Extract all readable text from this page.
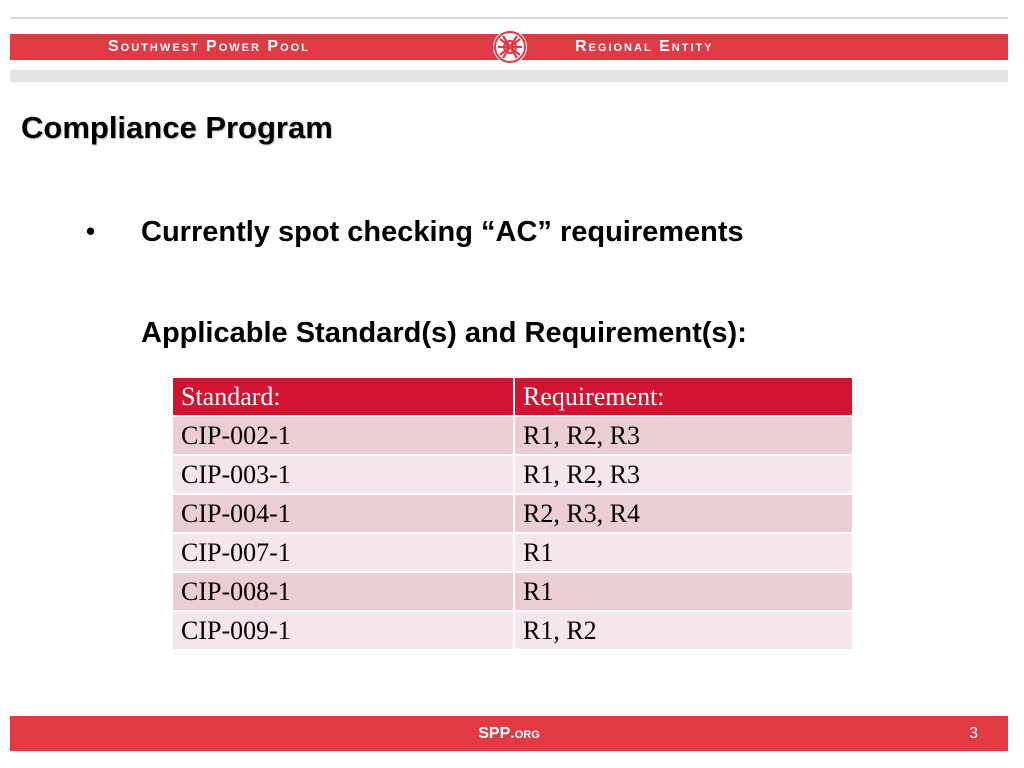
Southwest Power Pool	Regional Entity
Compliance Program
• Currently spot checking “AC” requirements
Applicable Standard(s) and Requirement(s):
Standard:	Requirement:
CIP-002-1	R1, R2, R3
CIP-003-1	R1, R2, R3
CIP-004-1	R2, R3, R4
CIP-007-1	R1
CIP-008-1	R1
CIP-009-1	R1, R2
SPP.org	3
